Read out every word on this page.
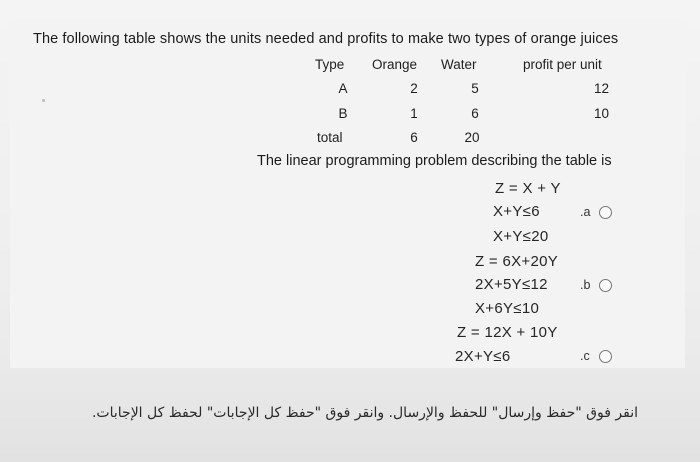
The following table shows the units needed and profits to make two types of orange juices
Type Orange Water	profit per unit
A	2	5	12
B	1	6	10
total	6	20
The linear programming problem describing the table is
Z = X + Y
X+Y≤6	.a
X+Y≤20
Z = 6X+20Y
2X+5Y≤12	.b
X+6Y≤10
Z = 12X + 10Y
2X+Y≤6	.c
انقر فوق "حفظ وإرسال" للحفظ والإرسال. وانقر فوق "حفظ كل الإجابات" لحفظ كل الإجابات.
